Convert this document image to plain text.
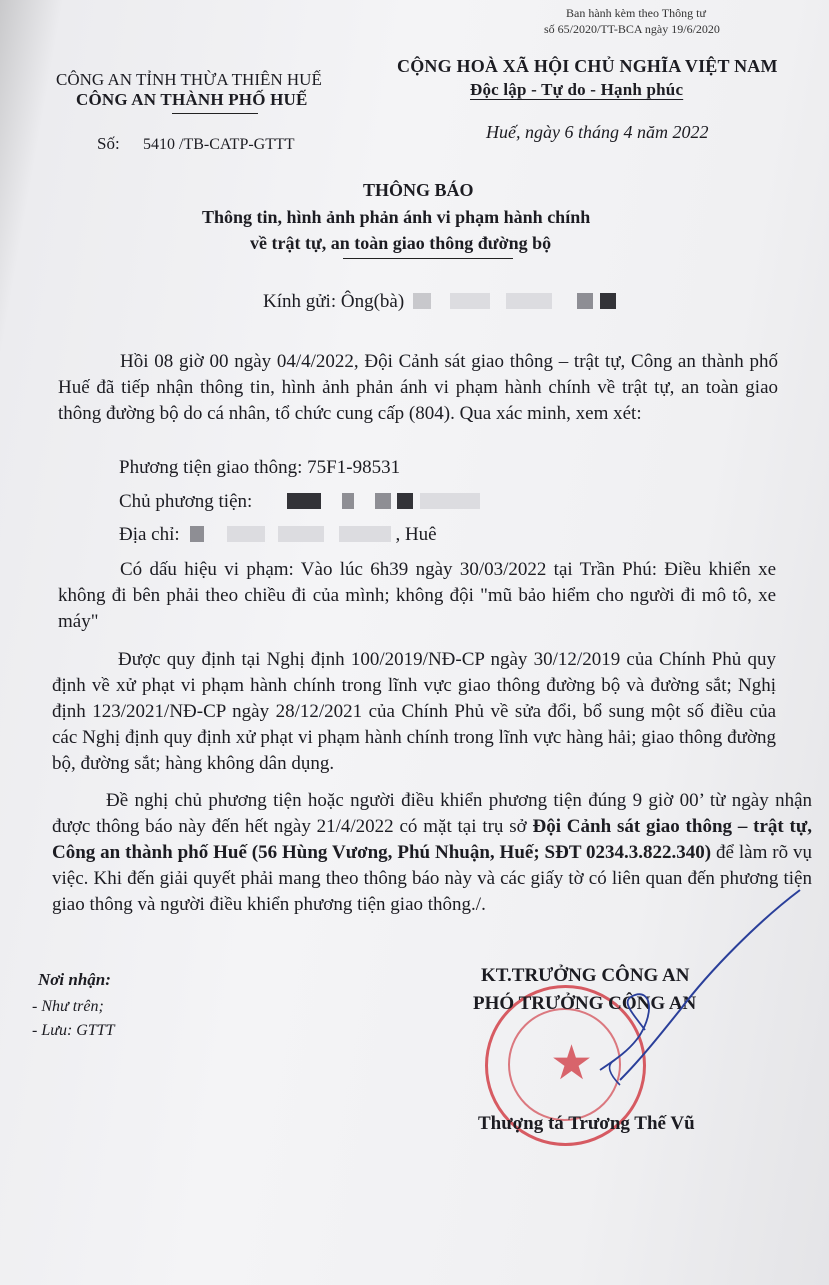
Ban hành kèm theo Thông tư
số 65/2020/TT-BCA ngày 19/6/2020
CÔNG AN TỈNH THỪA THIÊN HUẾ
CÔNG AN THÀNH PHỐ HUẾ
CỘNG HOÀ XÃ HỘI CHỦ NGHĨA VIỆT NAM
Độc lập - Tự do - Hạnh phúc
Số: 5410 /TB-CATP-GTTT
Huế, ngày 6 tháng 4 năm 2022
THÔNG BÁO
Thông tin, hình ảnh phản ánh vi phạm hành chính
về trật tự, an toàn giao thông đường bộ
Kính gửi: Ông(bà)
Hồi 08 giờ 00 ngày 04/4/2022, Đội Cảnh sát giao thông – trật tự, Công an thành phố Huế đã tiếp nhận thông tin, hình ảnh phản ánh vi phạm hành chính về trật tự, an toàn giao thông đường bộ do cá nhân, tổ chức cung cấp (804). Qua xác minh, xem xét:
Phương tiện giao thông: 75F1-98531
Chủ phương tiện:
Địa chỉ:	, Huê
Có dấu hiệu vi phạm: Vào lúc 6h39 ngày 30/03/2022 tại Trần Phú: Điều khiển xe không đi bên phải theo chiều đi của mình; không đội "mũ bảo hiểm cho người đi mô tô, xe máy"
Được quy định tại Nghị định 100/2019/NĐ-CP ngày 30/12/2019 của Chính Phủ quy định về xử phạt vi phạm hành chính trong lĩnh vực giao thông đường bộ và đường sắt; Nghị định 123/2021/NĐ-CP ngày 28/12/2021 của Chính Phủ về sửa đổi, bổ sung một số điều của các Nghị định quy định xử phạt vi phạm hành chính trong lĩnh vực hàng hải; giao thông đường bộ, đường sắt; hàng không dân dụng.
Đề nghị chủ phương tiện hoặc người điều khiển phương tiện đúng 9 giờ 00’ từ ngày nhận được thông báo này đến hết ngày 21/4/2022 có mặt tại trụ sở Đội Cảnh sát giao thông – trật tự, Công an thành phố Huế (56 Hùng Vương, Phú Nhuận, Huế; SĐT 0234.3.822.340) để làm rõ vụ việc. Khi đến giải quyết phải mang theo thông báo này và các giấy tờ có liên quan đến phương tiện giao thông và người điều khiển phương tiện giao thông./.
Nơi nhận:
- Như trên;
- Lưu: GTTT
★
KT.TRƯỞNG CÔNG AN
PHÓ TRƯỞNG CÔNG AN
Thượng tá Trương Thế Vũ
